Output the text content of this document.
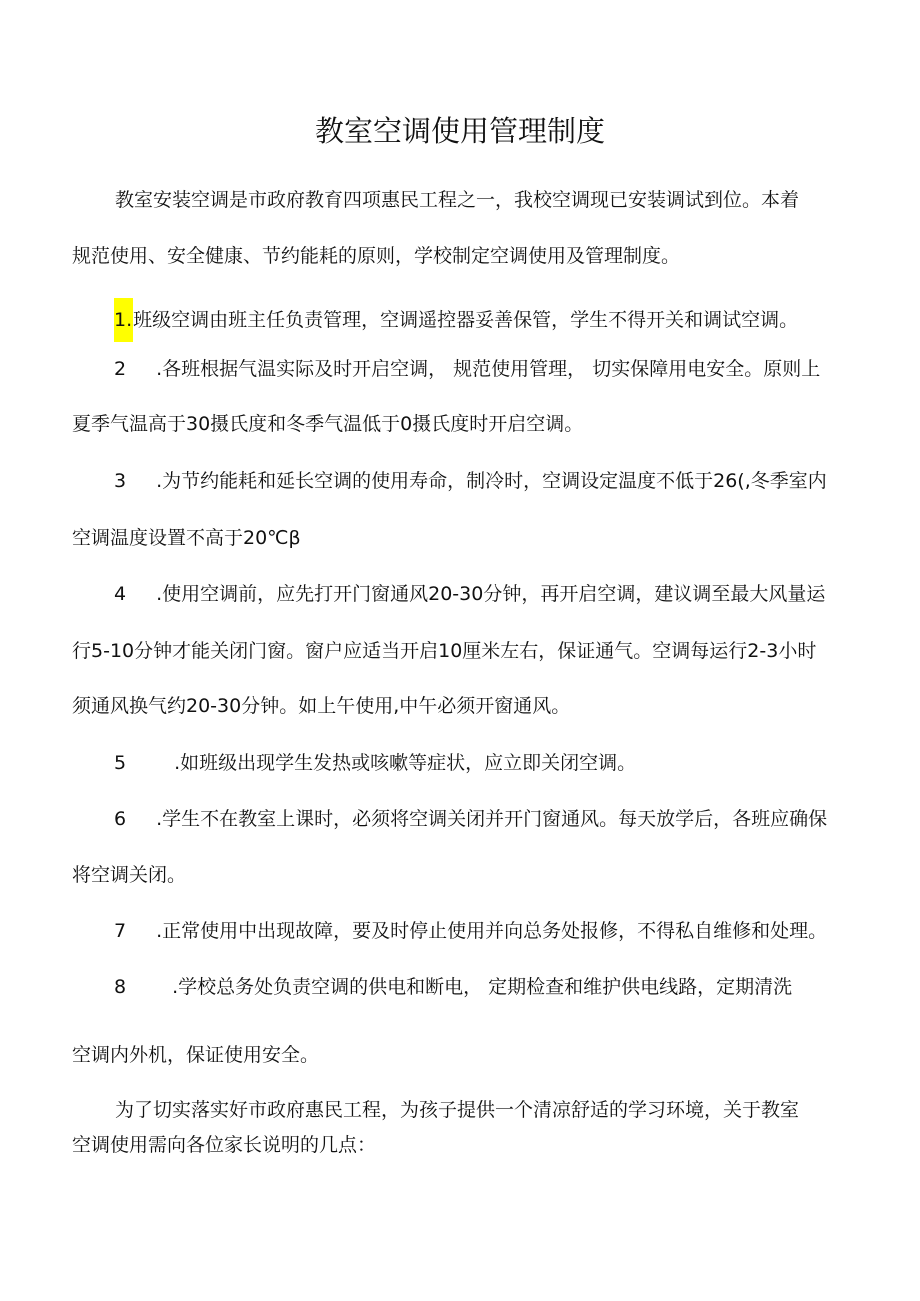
教室空调使用管理制度
教室安装空调是市政府教育四项惠民工程之一，我校空调现已安装调试到位。本着
规范使用、安全健康、节约能耗的原则，学校制定空调使用及管理制度。
1.班级空调由班主任负责管理，空调遥控器妥善保管，学生不得开关和调试空调。
2 .各班根据气温实际及时开启空调， 规范使用管理， 切实保障用电安全。原则上
夏季气温高于30摄氏度和冬季气温低于0摄氏度时开启空调。
3 .为节约能耗和延长空调的使用寿命，制冷时，空调设定温度不低于26(,冬季室内
空调温度设置不高于20℃β
4 .使用空调前，应先打开门窗通风20-30分钟，再开启空调，建议调至最大风量运
行5-10分钟才能关闭门窗。窗户应适当开启10厘米左右，保证通气。空调每运行2-3小时
须通风换气约20-30分钟。如上午使用,中午必须开窗通风。
5	.如班级出现学生发热或咳嗽等症状，应立即关闭空调。
6 .学生不在教室上课时，必须将空调关闭并开门窗通风。每天放学后，各班应确保
将空调关闭。
7 .正常使用中出现故障，要及时停止使用并向总务处报修，不得私自维修和处理。
8 .学校总务处负责空调的供电和断电， 定期检查和维护供电线路，定期清洗
空调内外机，保证使用安全。
为了切实落实好市政府惠民工程，为孩子提供一个清凉舒适的学习环境，关于教室
空调使用需向各位家长说明的几点：
